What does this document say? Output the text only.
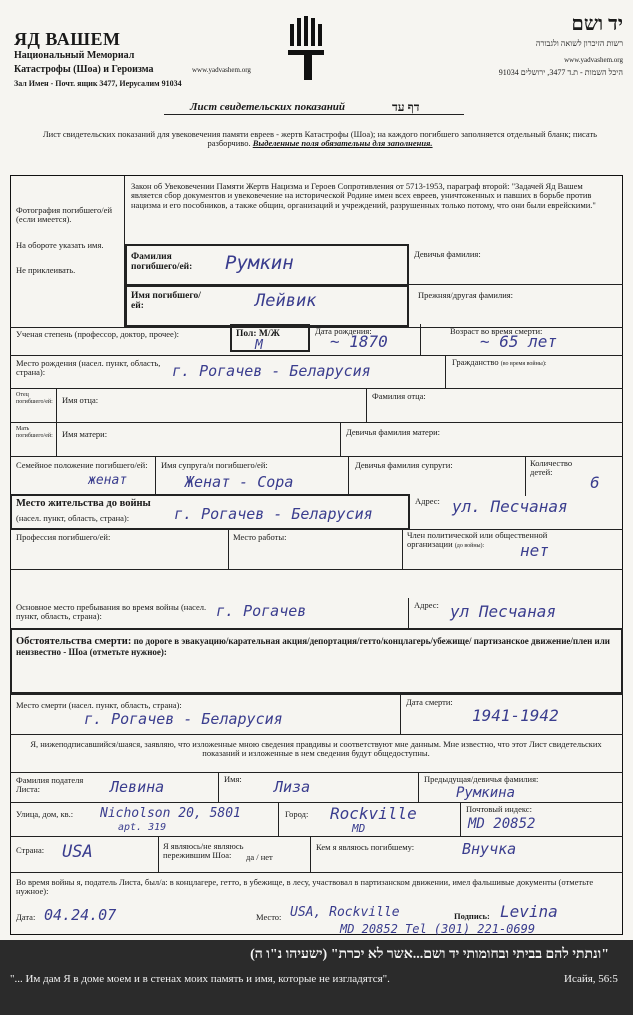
ЯД ВАШЕМ
Национальный Мемориал
Катастрофы (Шоа) и Героизма	www.yadvashem.org
Зал Имен - Почт. ящик 3477, Иерусалим 91034
יד ושם
רשות הזיכרון לשואה ולגבורה
www.yadvashem.org
היכל השמות - ת.ד 3477, ירושלים 91034
Лист свидетельских показаний	דף עד
Лист свидетельских показаний для увековечения памяти евреев - жертв Катастрофы (Шоа); на каждого погибшего заполняется отдельный бланк; писать разборчиво. Выделенные поля обязательны для заполнения.
Фотография погибшего/ей (если имеется).
На обороте указать имя.
Не приклеивать.
Закон об Увековечении Памяти Жертв Нацизма и Героев Сопротивления от 5713-1953, параграф второй: "Задачей Яд Вашем является сбор документов и увековечение на исторической Родине имен всех евреев, уничтоженных и павших в борьбе против нацизма и его пособников, а также общин, организаций и учреждений, разрушенных только потому, что они были еврейскими."
Фамилия погибшего/ей:	Румкин	Девичья фамилия:
Имя погибшего/ей:	Лейвик	Прежняя/другая фамилия:
Ученая степень (профессор, доктор, прочее):	Пол: М/Ж
М
Дата рождения:
~ 1870
Возраст во время смерти:
~ 65 лет
Место рождения (насел. пункт, область, страна):	г. Рогачев - Беларусия	Гражданство (во время войны):
Отец погибшего/ей:	Имя отца:	Фамилия отца:
Мать погибшего/ей:	Имя матери:	Девичья фамилия матери:
Семейное положение погибшего/ей:
женат
Имя супруга/и погибшего/ей:
Женат - Сора
Девичья фамилия супруги:	Количество детей:
6
Место жительства до войны
(насел. пункт, область, страна):	г. Рогачев - Беларусия
Адрес: ул. Песчаная
Профессия погибшего/ей:	Место работы:	Член политической или общественной организации (до войны):	нет
Основное место пребывания во время войны (насел. пункт, область, страна):	г. Рогачев	Адрес: ул Песчаная
Обстоятельства смерти: по дороге в эвакуацию/карательная акция/депортация/гетто/концлагерь/убежище/ партизанское движение/плен или неизвестно - Шоа (отметьте нужное):
Место смерти (насел. пункт, область, страна):
г. Рогачев - Беларусия
Дата смерти:
1941-1942
Я, нижеподписавшийся/шаяся, заявляю, что изложенные мною сведения правдивы и соответствуют мне данным. Мне известно, что этот Лист свидетельских показаний и изложенные в нем сведения будут общедоступны.
Фамилия подателя Листа:	Левина	Имя: Лиза	Предыдущая/девичья фамилия:
Румкина
Улица, дом, кв.: Nicholson 20, 5801
apt. 319
Город: Rockville
MD
Почтовый индекс:
MD 20852
Страна: USA	Я являюсь/не являюсь пережившим Шоа:	да / нет
Кем я являюсь погибшему:	Внучка
Во время войны я, податель Листа, был/а: в концлагере, гетто, в убежище, в лесу, участвовал в партизанском движении, имел фальшивые документы (отметьте нужное):
Дата: 04.24.07	Место: USA, Rockville
MD 20852 Tel (301) 221-0699
Подпись: Levina
"ונתתי להם בביתי ובחומותי יד ושם...אשר לא יכרת" (ישעיהו נ"ו ה)
"... Им дам Я в доме моем и в стенах моих память и имя, которые не изгладятся".	Исайя, 56:5
